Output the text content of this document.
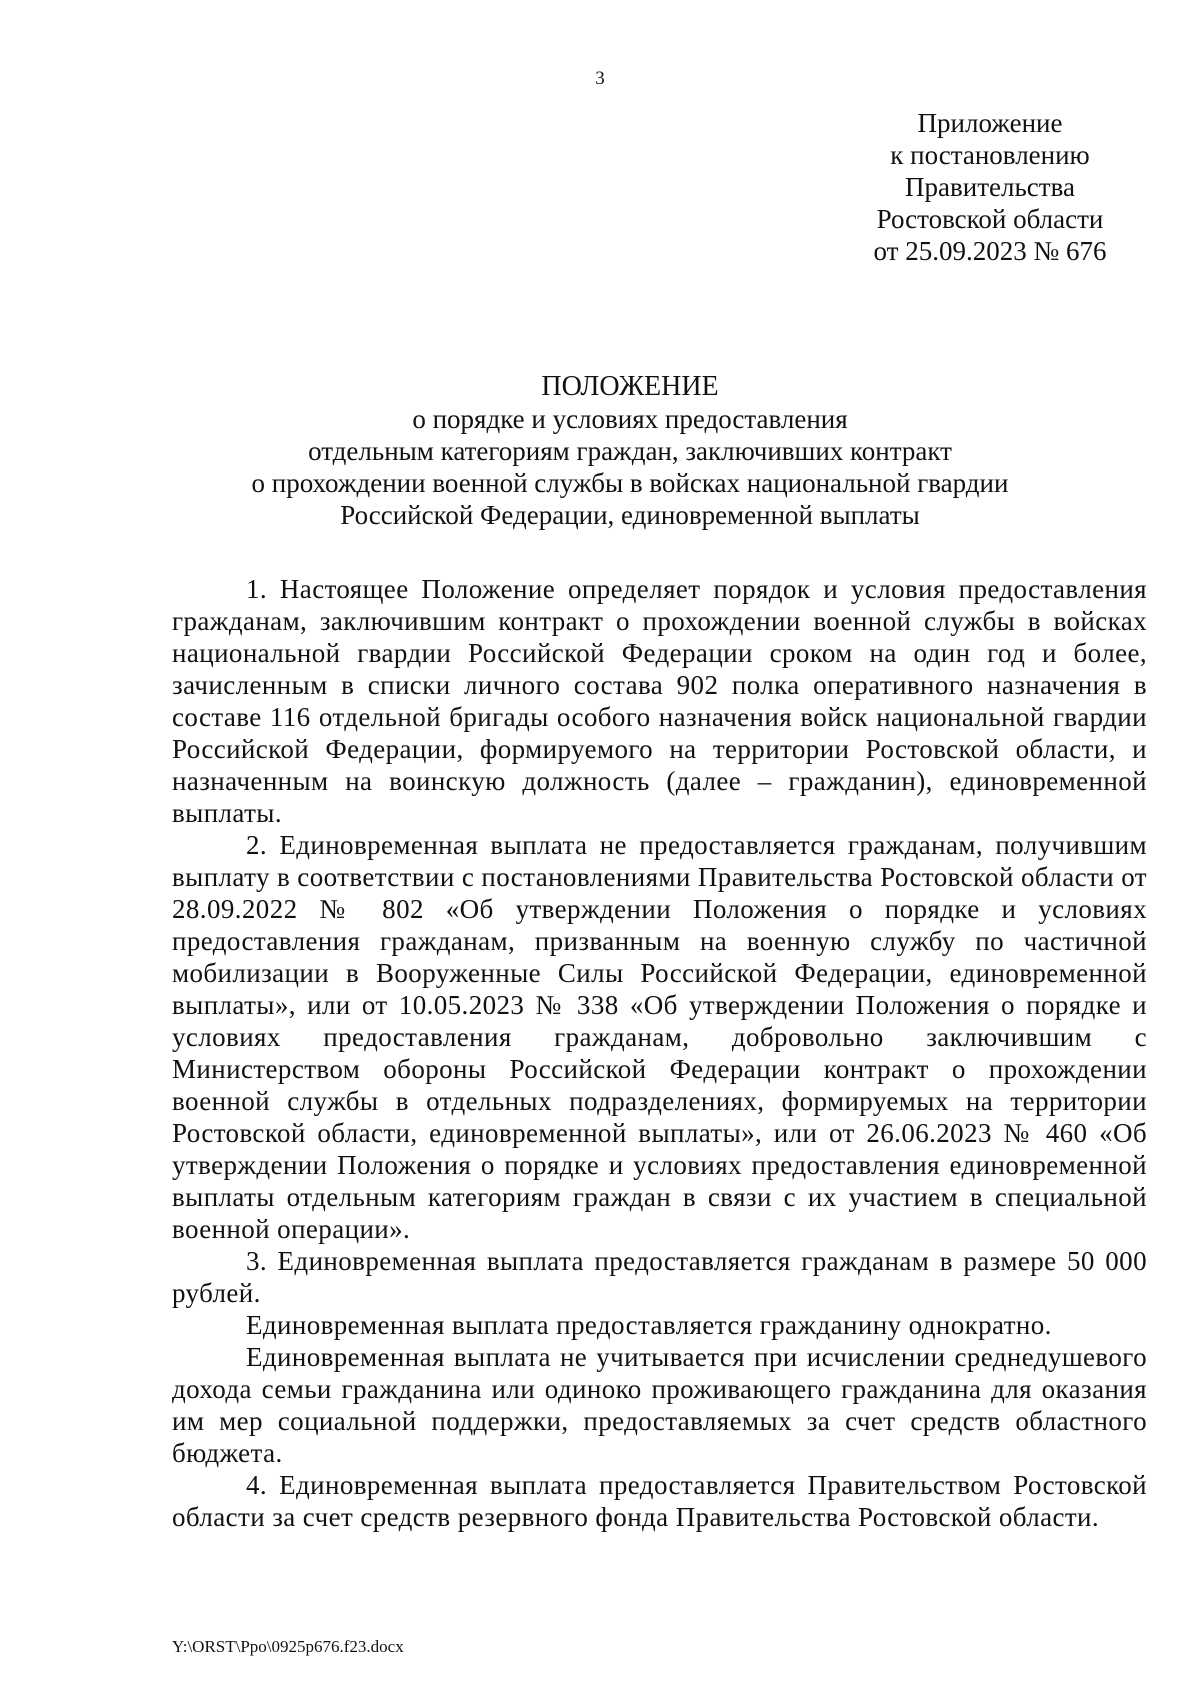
3
Приложение
к постановлению
Правительства
Ростовской области
от 25.09.2023 № 676
ПОЛОЖЕНИЕ
о порядке и условиях предоставления
отдельным категориям граждан, заключивших контракт
о прохождении военной службы в войсках национальной гвардии
Российской Федерации, единовременной выплаты

1. Настоящее Положение определяет порядок и условия предоставления гражданам, заключившим контракт о прохождении военной службы в войсках национальной гвардии Российской Федерации сроком на один год и более, зачисленным в списки личного состава 902 полка оперативного назначения в составе 116 отдельной бригады особого назначения войск национальной гвардии Российской Федерации, формируемого на территории Ростовской области, и назначенным на воинскую должность (далее – гражданин), единовременной выплаты.

2. Единовременная выплата не предоставляется гражданам, получившим выплату в соответствии с постановлениями Правительства Ростовской области от 28.09.2022 № 802 «Об утверждении Положения о порядке и условиях предоставления гражданам, призванным на военную службу по частичной мобилизации в Вооруженные Силы Российской Федерации, единовременной выплаты», или от 10.05.2023 № 338 «Об утверждении Положения о порядке и условиях предоставления гражданам, добровольно заключившим с Министерством обороны Российской Федерации контракт о прохождении военной службы в отдельных подразделениях, формируемых на территории Ростовской области, единовременной выплаты», или от 26.06.2023 № 460 «Об утверждении Положения о порядке и условиях предоставления единовременной выплаты отдельным категориям граждан в связи с их участием в специальной военной операции».

3. Единовременная выплата предоставляется гражданам в размере 50 000 рублей.

Единовременная выплата предоставляется гражданину однократно.

Единовременная выплата не учитывается при исчислении среднедушевого дохода семьи гражданина или одиноко проживающего гражданина для оказания им мер социальной поддержки, предоставляемых за счет средств областного бюджета.

4. Единовременная выплата предоставляется Правительством Ростовской области за счет средств резервного фонда Правительства Ростовской области.

Y:\ORST\Ppo\0925p676.f23.docx
